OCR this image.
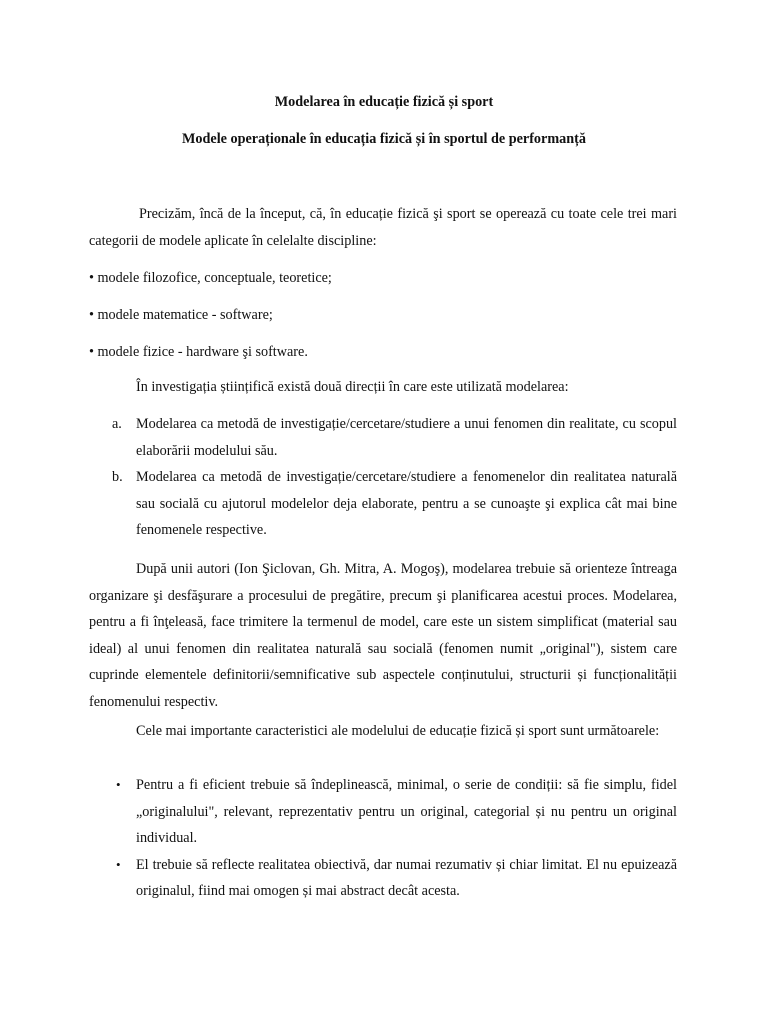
Modelarea în educație fizică și sport

Modele operaționale în educația fizică și în sportul de performanță

Precizăm, încă de la început, că, în educație fizică şi sport se operează cu toate cele trei mari categorii de modele aplicate în celelalte discipline:

• modele filozofice, conceptuale, teoretice;

• modele matematice - software;

• modele fizice - hardware şi software.

În investigația științifică există două direcții în care este utilizată modelarea:

a. Modelarea ca metodă de investigație/cercetare/studiere a unui fenomen din realitate, cu scopul elaborării modelului său.
b. Modelarea ca metodă de investigație/cercetare/studiere a fenomenelor din realitatea naturală sau socială cu ajutorul modelelor deja elaborate, pentru a se cunoaşte şi explica cât mai bine fenomenele respective.

După unii autori (Ion Şiclovan, Gh. Mitra, A. Mogoş), modelarea trebuie să orienteze întreaga organizare şi desfăşurare a procesului de pregătire, precum şi planificarea acestui proces. Modelarea, pentru a fi înţeleasă, face trimitere la termenul de model, care este un sistem simplificat (material sau ideal) al unui fenomen din realitatea naturală sau socială (fenomen numit „original"), sistem care cuprinde elementele definitorii/semnificative sub aspectele conținutului, structurii și funcționalității fenomenului respectiv.

Cele mai importante caracteristici ale modelului de educație fizică și sport sunt următoarele:

• Pentru a fi eficient trebuie să îndeplinească, minimal, o serie de condiții: să fie simplu, fidel „originalului", relevant, reprezentativ pentru un original, categorial și nu pentru un original individual.
• El trebuie să reflecte realitatea obiectivă, dar numai rezumativ și chiar limitat. El nu epuizează originalul, fiind mai omogen și mai abstract decât acesta.
